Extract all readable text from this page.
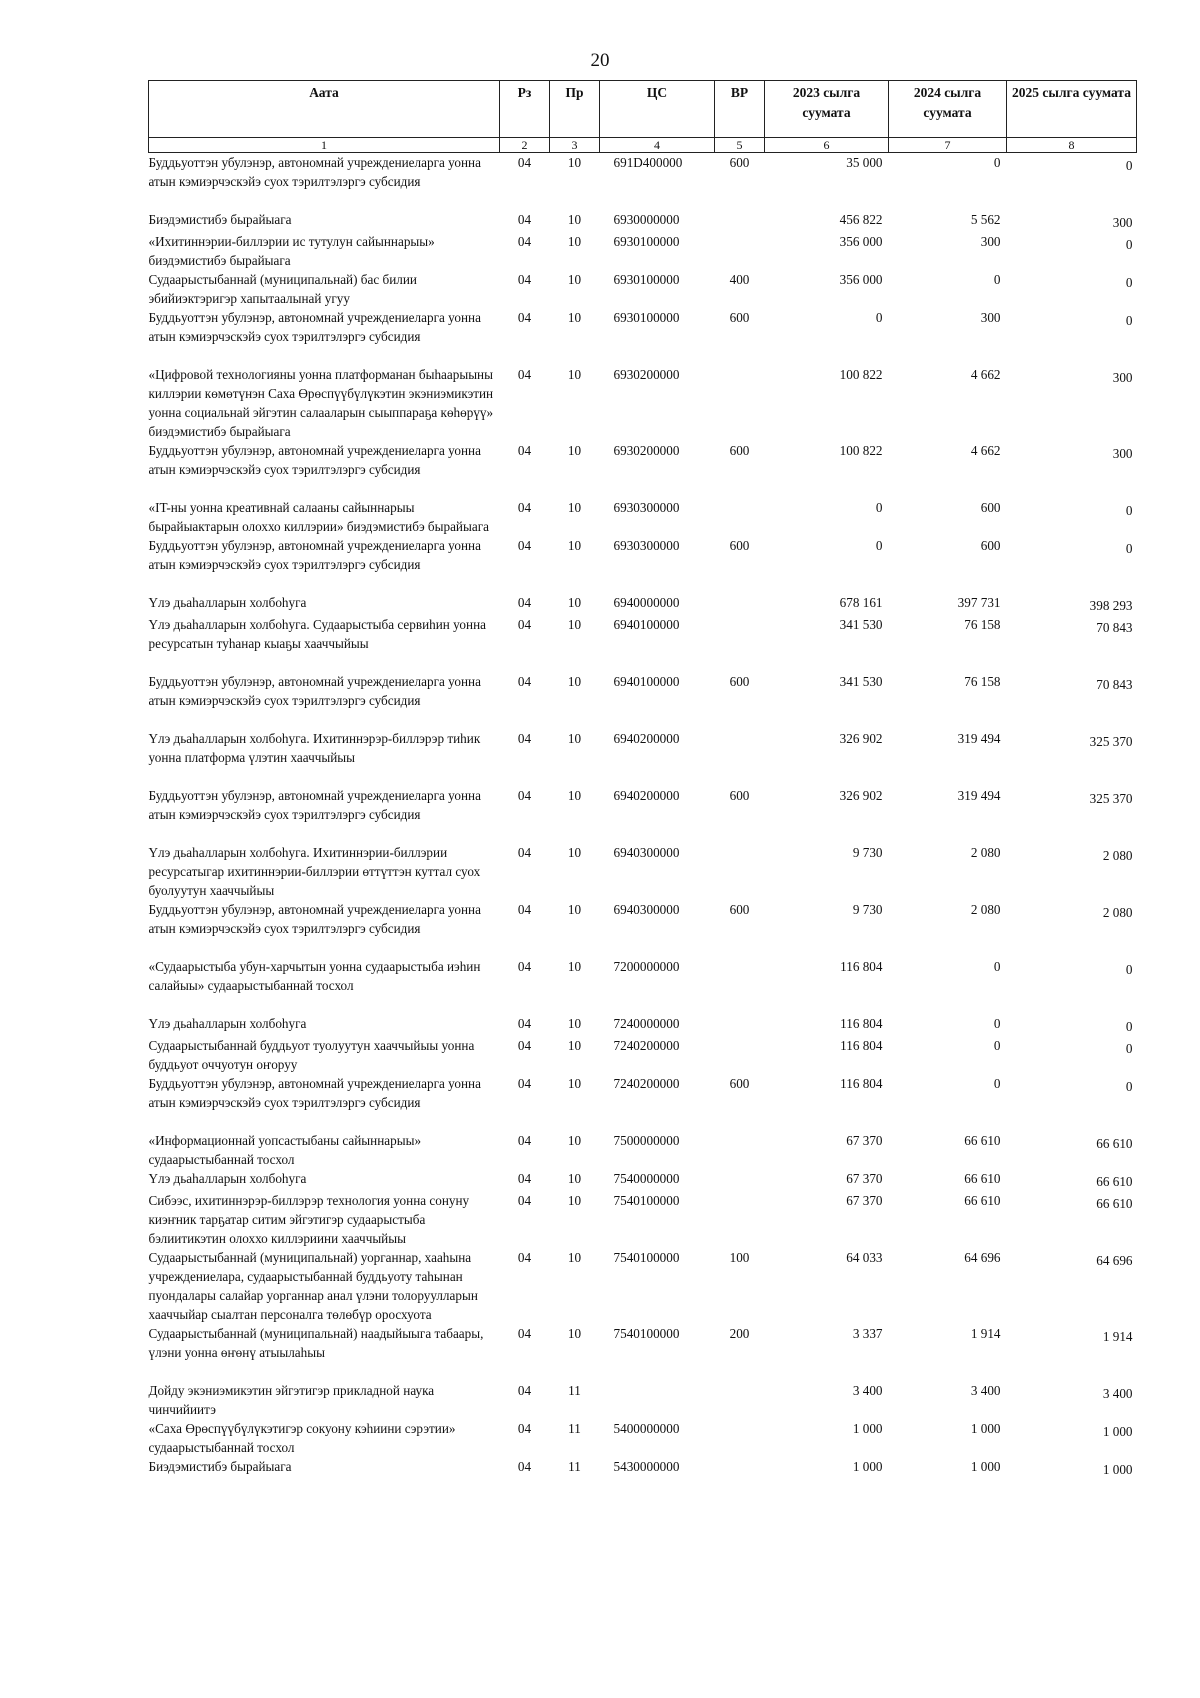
20
Аата	Рз	Пр	ЦС	ВР	2023 сылга суумата	2024 сылга суумата	2025 сылга суумата
1	2	3	4	5	6	7	8
Буддьуоттэн убулэнэр, автономнай учреждениеларга уонна атын кэмиэрчэскэйэ суох тэрилтэлэргэ субсидия	04	10	691D400000	600	35 000	0	0

Биэдэмистибэ бырайыага	04	10	6930000000		456 822	5 562	300
«Ихитиннэрии-биллэрии ис тутулун сайыннарыы» биэдэмистибэ бырайыага	04	10	6930100000		356 000	300	0
Судаарыстыбаннай (муниципальнай) бас билии эбийиэктэригэр хапытаалынай угуу	04	10	6930100000	400	356 000	0	0
Буддьуоттэн убулэнэр, автономнай учреждениеларга уонна атын кэмиэрчэскэйэ суох тэрилтэлэргэ субсидия	04	10	6930100000	600	0	300	0

«Цифровой технологияны уонна платформанан быhаарыыны киллэрии көмөтүнэн Саха Өрөспүүбүлүкэтин экэниэмикэтин уонна социальнай эйгэтин салааларын сыыппараҕа көһөрүү» биэдэмистибэ бырайыага	04	10	6930200000		100 822	4 662	300
Буддьуоттэн убулэнэр, автономнай учреждениеларга уонна атын кэмиэрчэскэйэ суох тэрилтэлэргэ субсидия	04	10	6930200000	600	100 822	4 662	300

«IT-ны уонна креативнай салааны сайыннарыы бырайыактарын олоххо киллэрии» биэдэмистибэ бырайыага	04	10	6930300000		0	600	0
Буддьуоттэн убулэнэр, автономнай учреждениеларга уонна атын кэмиэрчэскэйэ суох тэрилтэлэргэ субсидия	04	10	6930300000	600	0	600	0

Үлэ дьаhалларын холбоhуга	04	10	6940000000		678 161	397 731	398 293
Үлэ дьаhалларын холбоhуга. Судаарыстыба сервиhин уонна ресурсатын туhанар кыаҕы хааччыйыы	04	10	6940100000		341 530	76 158	70 843

Буддьуоттэн убулэнэр, автономнай учреждениеларга уонна атын кэмиэрчэскэйэ суох тэрилтэлэргэ субсидия	04	10	6940100000	600	341 530	76 158	70 843

Үлэ дьаhалларын холбоhуга. Ихитиннэрэр-биллэрэр тиhик уонна платформа үлэтин хааччыйыы	04	10	6940200000		326 902	319 494	325 370

Буддьуоттэн убулэнэр, автономнай учреждениеларга уонна атын кэмиэрчэскэйэ суох тэрилтэлэргэ субсидия	04	10	6940200000	600	326 902	319 494	325 370

Үлэ дьаhалларын холбоhуга. Ихитиннэрии-биллэрии ресурсатыгар ихитиннэрии-биллэрии өттүттэн куттал суох буолуутун хааччыйыы	04	10	6940300000		9 730	2 080	2 080
Буддьуоттэн убулэнэр, автономнай учреждениеларга уонна атын кэмиэрчэскэйэ суох тэрилтэлэргэ субсидия	04	10	6940300000	600	9 730	2 080	2 080

«Судаарыстыба убун-харчытын уонна судаарыстыба иэhин салайыы» судаарыстыбаннай тосхол	04	10	7200000000		116 804	0	0

Үлэ дьаhалларын холбоhуга	04	10	7240000000		116 804	0	0
Судаарыстыбаннай буддьуот туолуутун хааччыйыы уонна буддьуот оччуотун оҥоруу	04	10	7240200000		116 804	0	0
Буддьуоттэн убулэнэр, автономнай учреждениеларга уонна атын кэмиэрчэскэйэ суох тэрилтэлэргэ субсидия	04	10	7240200000	600	116 804	0	0

«Информационнай уопсастыбаны сайыннарыы» судаарыстыбаннай тосхол	04	10	7500000000		67 370	66 610	66 610
Үлэ дьаhалларын холбоhуга	04	10	7540000000		67 370	66 610	66 610
Сибээс, ихитиннэрэр-биллэрэр технология уонна сонуну киэҥник тарҕатар ситим эйгэтигэр судаарыстыба бэлиитикэтин олоххо киллэриини хааччыйыы	04	10	7540100000		67 370	66 610	66 610
Судаарыстыбаннай (муниципальнай) уорганнар, хааhына учреждениелара, судаарыстыбаннай буддьуоту таhынан пуондалары салайар уорганнар анал үлэни толоруулларын хааччыйар сыалтан персоналга төлөбүр оросхуота	04	10	7540100000	100	64 033	64 696	64 696
Судаарыстыбаннай (муниципальнай) наадыйыыга табаары, үлэни уонна өҥөнү атыылаhыы	04	10	7540100000	200	3 337	1 914	1 914

Дойду экэниэмикэтин эйгэтигэр прикладной наука чинчийиитэ	04	11			3 400	3 400	3 400
«Саха Өрөспүүбүлүкэтигэр сокуону кэhиини сэрэтии» судаарыстыбаннай тосхол	04	11	5400000000		1 000	1 000	1 000
Биэдэмистибэ бырайыага	04	11	5430000000		1 000	1 000	1 000
